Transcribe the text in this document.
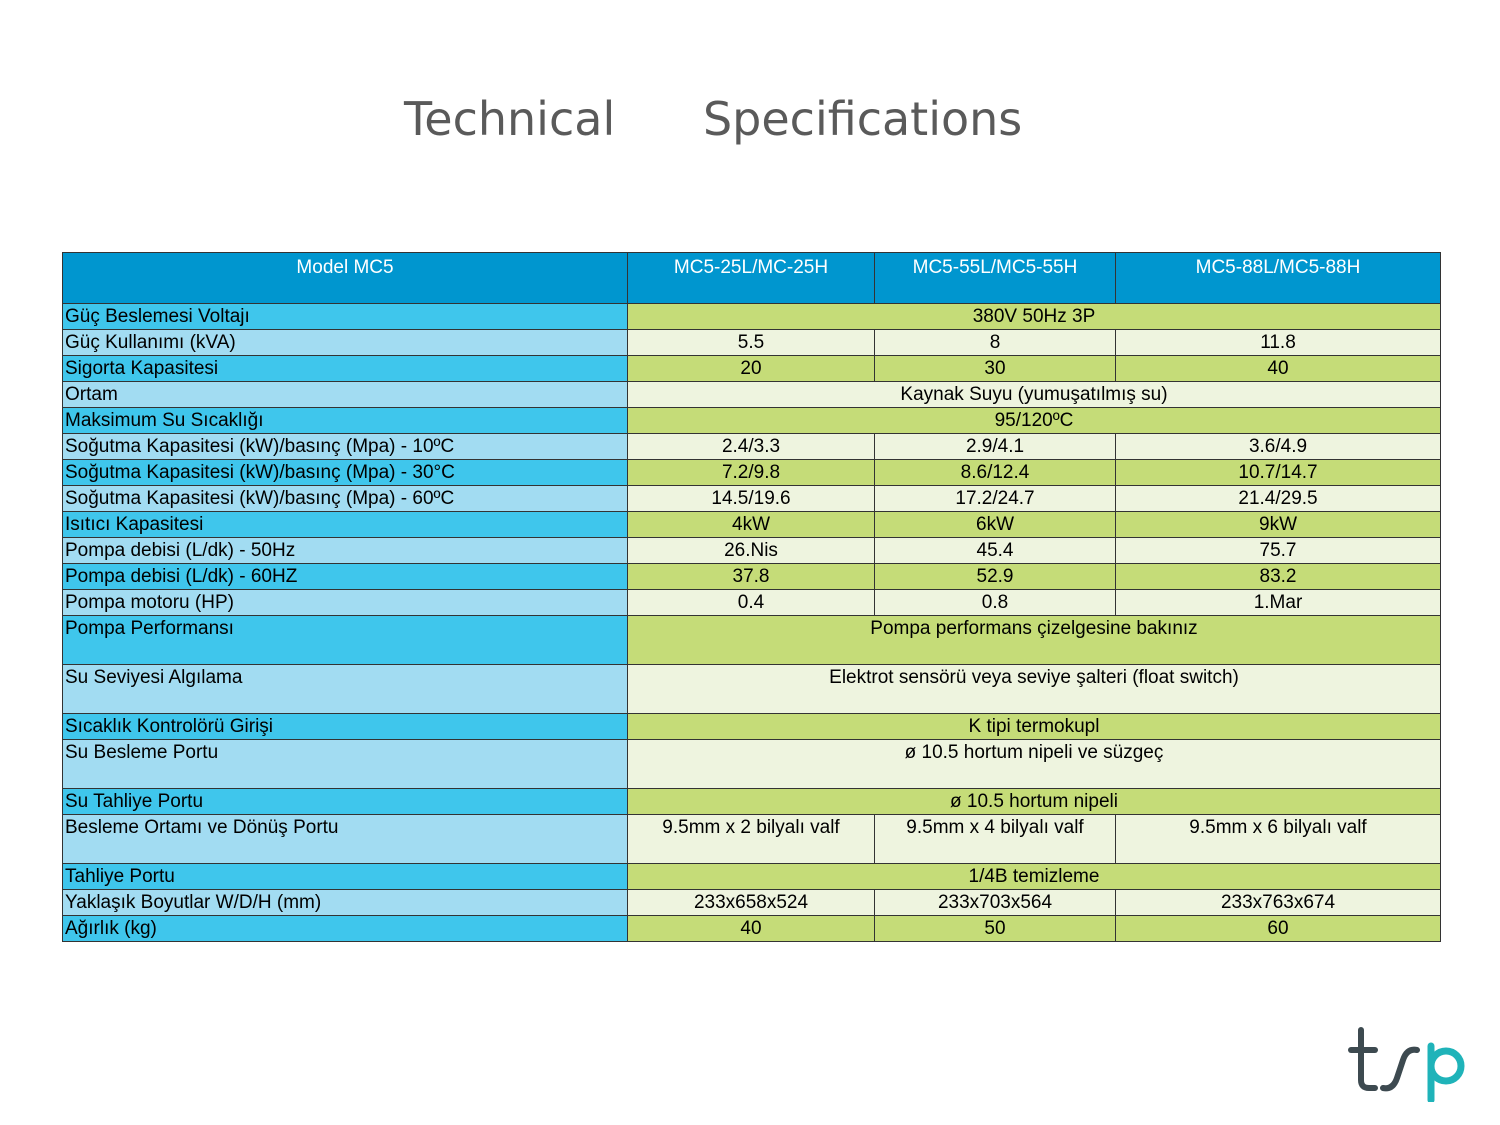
Technical      Specifications
Model MC5	MC5-25L/MC-25H	MC5-55L/MC5-55H	MC5-88L/MC5-88H
Güç Beslemesi Voltajı	380V 50Hz 3P		
Güç Kullanımı (kVA)	5.5	8	11.8
Sigorta Kapasitesi	20	30	40
Ortam	Kaynak Suyu (yumuşatılmış su)		
Maksimum Su Sıcaklığı	95/120ºC		
Soğutma Kapasitesi (kW)/basınç (Mpa) - 10ºC	2.4/3.3	2.9/4.1	3.6/4.9
Soğutma Kapasitesi (kW)/basınç (Mpa) - 30°C	7.2/9.8	8.6/12.4	10.7/14.7
Soğutma Kapasitesi (kW)/basınç (Mpa) - 60ºC	14.5/19.6	17.2/24.7	21.4/29.5
Isıtıcı Kapasitesi	4kW	6kW	9kW
Pompa debisi (L/dk) - 50Hz	26.Nis	45.4	75.7
Pompa debisi (L/dk) - 60HZ	37.8	52.9	83.2
Pompa motoru (HP)	0.4	0.8	1.Mar
Pompa Performansı	Pompa performans çizelgesine bakınız		
Su Seviyesi Algılama	Elektrot sensörü veya seviye şalteri (float switch)		
Sıcaklık Kontrolörü Girişi	K tipi termokupl		
Su Besleme Portu	ø 10.5 hortum nipeli ve süzgeç		
Su Tahliye Portu	ø 10.5 hortum nipeli		
Besleme Ortamı ve Dönüş Portu	9.5mm x 2 bilyalı valf	9.5mm x 4 bilyalı valf	9.5mm x 6 bilyalı valf
Tahliye Portu	1/4B temizleme		
Yaklaşık Boyutlar W/D/H (mm)	233x658x524	233x703x564	233x763x674
Ağırlık (kg)	40	50	60
